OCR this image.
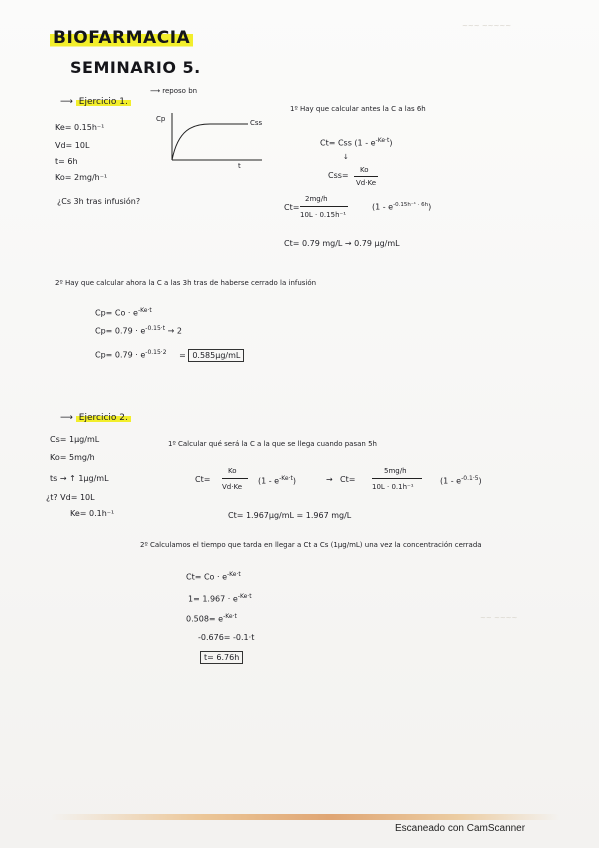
BIOFARMACIA
SEMINARIO 5.
⟶ Ejercicio 1.
⟶ reposo bn
Ke= 0.15h⁻¹
Vd= 10L
t= 6h
Ko= 2mg/h⁻¹
¿Cs 3h tras infusión?
Cp	Css
t
1º Hay que calcular antes la C a las 6h
Ct= Css $(1 - e^{-Ke\cdot t})$
↓
Css=
Ko
Vd·Ke
Ct=
2mg/h
10L · 0.15h⁻¹
$(1 - e^{-0.15h^{-1} \cdot 6h})$
Ct= 0.79 mg/L → 0.79 µg/mL
2º Hay que calcular ahora la C a las 3h tras de haberse cerrado la infusión
$Cp= Co \cdot e^{-Ke\cdot t}$
$Cp= 0.79 \cdot e^{-0.15\cdot t} \to 2$
$Cp= 0.79 \cdot e^{-0.15\cdot 2} = 0.585\mu g/mL$
⟶ Ejercicio 2.
Cs= 1µg/mL
Ko= 5mg/h
ts → ↑ 1µg/mL
¿t? Vd= 10L
Ke= 0.1h⁻¹
1º Calcular qué será la C a la que se llega cuando pasan 5h
Ct=
Ko
Vd·Ke
$(1 - e^{-Ke\cdot t})$	→ Ct=
5mg/h
10L · 0.1h⁻¹
$(1 - e^{-0.1\cdot 5})$
Ct= 1.967µg/mL = 1.967 mg/L
2º Calculamos el tiempo que tarda en llegar a Ct a Cs (1µg/mL) una vez la concentración cerrada
$Ct= Co \cdot e^{-Ke\cdot t}$
$1= 1.967 \cdot e^{-Ke\cdot t}$
$0.508= e^{-Ke\cdot t}$
-0.676= -0.1·t
t= 6.76h
~~~ ~~~~~
~~ ~~~~
Escaneado con CamScanner
